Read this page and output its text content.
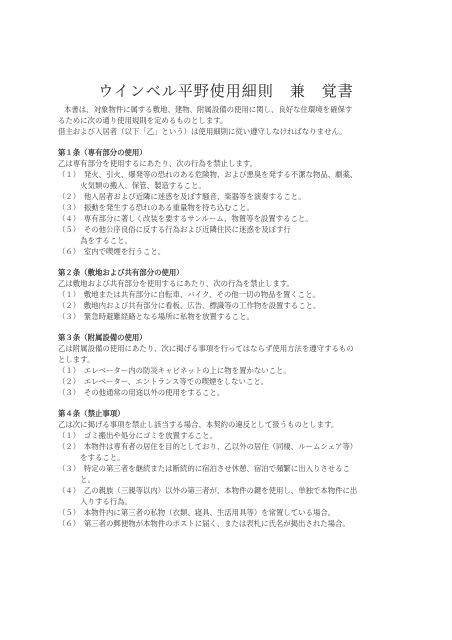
ウインベル平野使用細則　兼　覚書
本書は、対象物件に属する敷地、建物、附属設備の使用に関し、良好な住環境を確保す
るために次の通り使用規則を定めるものとします。
借主および入居者（以下「乙」という）は使用細則に従い遵守しなければなりません。
第１条（専有部分の使用）
乙は専有部分を使用するにあたり、次の行為を禁止します。
（１）　発火、引火、爆発等の恐れのある危険物、および悪臭を発する不潔な物品、劇薬、
　　　火気類の搬入、保管、製造すること。
（２）　他入居者および近隣に迷惑を及ぼす騒音、楽器等を演奏すること。
（３）　振動を発生する恐れのある重量物を持ち込むこと。
（４）　専有部分に著しく改装を要するサンルーム、物置等を設置すること。
（５）　その他公序良俗に反する行為および近隣住民に迷惑を及ぼす行
　　　為をすること。
（６）　室内で喫煙を行うこと。
第２条（敷地および共有部分の使用）
乙は敷地および共有部分を使用するにあたり、次の行為を禁止します。
（１）　敷地または共有部分に自転車、バイク、その他一切の物品を置くこと。
（２）　敷地内および共有部分に看板、広告、標識等の工作物を設置すること。
（３）　緊急時避難経路となる場所に私物を放置すること。
第３条（附属設備の使用）
乙は附属設備の使用にあたり、次に掲げる事項を行ってはならず使用方法を遵守するもの
とします。
（１）　エレベーター内の防災キャビネットの上に物を置かないこと。
（２）　エレベーター、エントランス等での喫煙をしないこと。
（３）　その他通常の用途以外の使用をすること。
第４条（禁止事項）
乙は次に掲げる事項を禁止し該当する場合、本契約の違反として扱うものとします。
（１）　ゴミ搬出や処分にゴミを放置すること。
（２）　本物件は専有者の居住を目的としており、乙以外の居住（同棲、ルームシェア等）
　　　をすること。
（３）　特定の第三者を継続または断続的に宿泊させ休憩、宿泊で頻繁に出入りさせるこ
　　　と。
（４）　乙の親族（三親等以内）以外の第三者が、本物件の鍵を使用し、単独で本物件に出
　　　入りする行為。
（５）　本物件内に第三者の私物（衣類、寝具、生活用具等）を常置している場合。
（６）　第三者の郵便物が本物件のポストに届く、または表札に氏名が掲出された場合。
